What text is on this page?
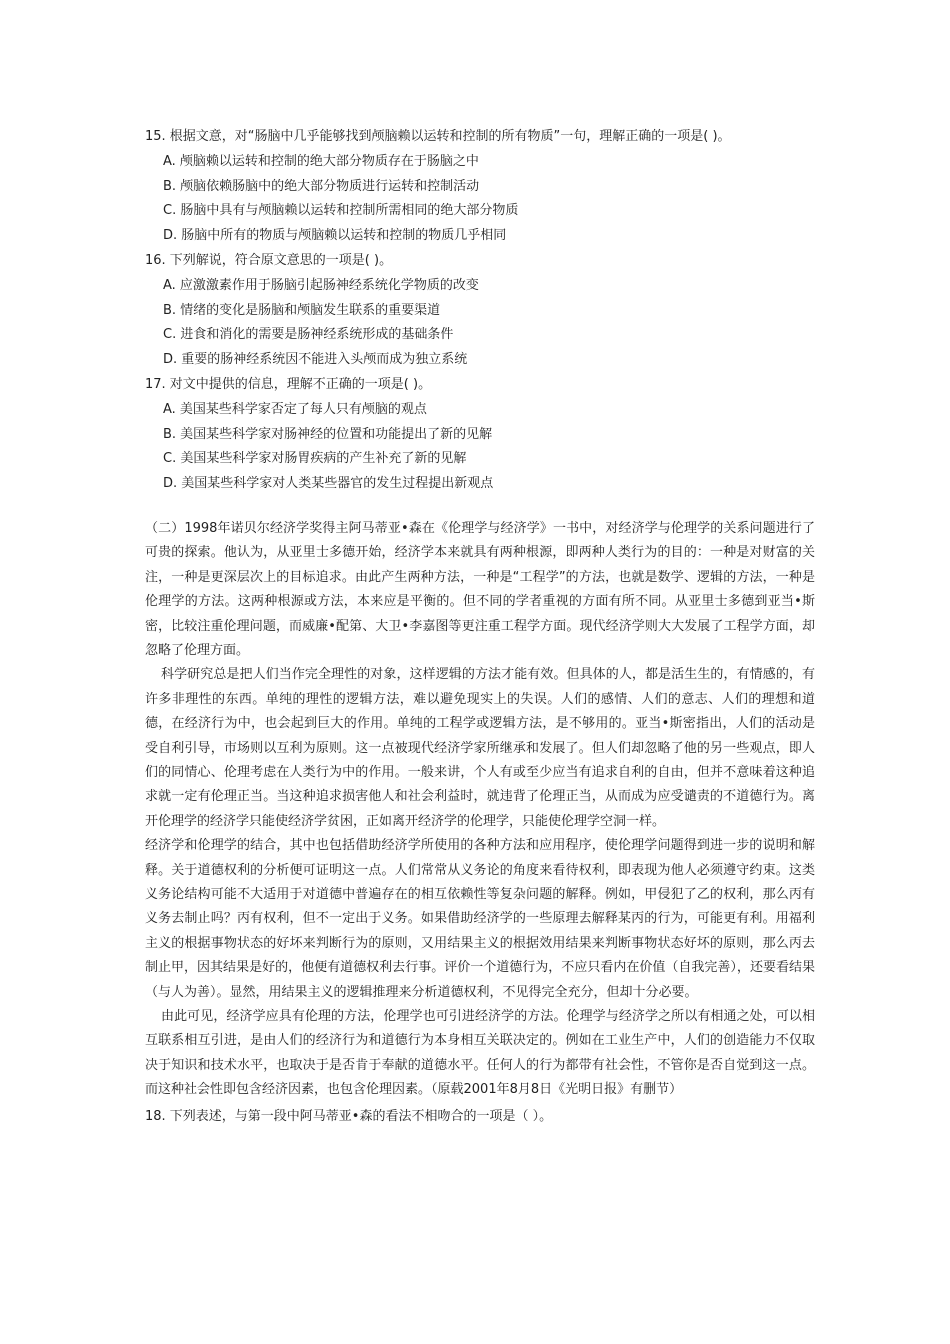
15. 根据文意，对“肠脑中几乎能够找到颅脑赖以运转和控制的所有物质”一句，理解正确的一项是( )。
A. 颅脑赖以运转和控制的绝大部分物质存在于肠脑之中
B. 颅脑依赖肠脑中的绝大部分物质进行运转和控制活动
C. 肠脑中具有与颅脑赖以运转和控制所需相同的绝大部分物质
D. 肠脑中所有的物质与颅脑赖以运转和控制的物质几乎相同
16. 下列解说，符合原文意思的一项是( )。
A. 应激激素作用于肠脑引起肠神经系统化学物质的改变
B. 情绪的变化是肠脑和颅脑发生联系的重要渠道
C. 进食和消化的需要是肠神经系统形成的基础条件
D. 重要的肠神经系统因不能进入头颅而成为独立系统
17. 对文中提供的信息，理解不正确的一项是( )。
A. 美国某些科学家否定了每人只有颅脑的观点
B. 美国某些科学家对肠神经的位置和功能提出了新的见解
C. 美国某些科学家对肠胃疾病的产生补充了新的见解
D. 美国某些科学家对人类某些器官的发生过程提出新观点

（二）1998年诺贝尔经济学奖得主阿马蒂亚•森在《伦理学与经济学》一书中，对经济学与伦理学的关系问题进行了可贵的探索。他认为，从亚里士多德开始，经济学本来就具有两种根源，即两种人类行为的目的：一种是对财富的关注，一种是更深层次上的目标追求。由此产生两种方法，一种是“工程学”的方法，也就是数学、逻辑的方法，一种是伦理学的方法。这两种根源或方法，本来应是平衡的。但不同的学者重视的方面有所不同。从亚里士多德到亚当•斯密，比较注重伦理问题，而威廉•配第、大卫•李嘉图等更注重工程学方面。现代经济学则大大发展了工程学方面，却忽略了伦理方面。

科学研究总是把人们当作完全理性的对象，这样逻辑的方法才能有效。但具体的人，都是活生生的，有情感的，有许多非理性的东西。单纯的理性的逻辑方法，难以避免现实上的失误。人们的感情、人们的意志、人们的理想和道德，在经济行为中，也会起到巨大的作用。单纯的工程学或逻辑方法，是不够用的。亚当•斯密指出，人们的活动是受自利引导，市场则以互利为原则。这一点被现代经济学家所继承和发展了。但人们却忽略了他的另一些观点，即人们的同情心、伦理考虑在人类行为中的作用。一般来讲，个人有或至少应当有追求自利的自由，但并不意味着这种追求就一定有伦理正当。当这种追求损害他人和社会利益时，就违背了伦理正当，从而成为应受谴责的不道德行为。离开伦理学的经济学只能使经济学贫困，正如离开经济学的伦理学，只能使伦理学空洞一样。

经济学和伦理学的结合，其中也包括借助经济学所使用的各种方法和应用程序，使伦理学问题得到进一步的说明和解释。关于道德权利的分析便可证明这一点。人们常常从义务论的角度来看待权利，即表现为他人必须遵守约束。这类义务论结构可能不大适用于对道德中普遍存在的相互依赖性等复杂问题的解释。例如，甲侵犯了乙的权利，那么丙有义务去制止吗？丙有权利，但不一定出于义务。如果借助经济学的一些原理去解释某丙的行为，可能更有利。用福利主义的根据事物状态的好坏来判断行为的原则，又用结果主义的根据效用结果来判断事物状态好坏的原则，那么丙去制止甲，因其结果是好的，他便有道德权利去行事。评价一个道德行为，不应只看内在价值（自我完善），还要看结果（与人为善）。显然，用结果主义的逻辑推理来分析道德权利，不见得完全充分，但却十分必要。

由此可见，经济学应具有伦理的方法，伦理学也可引进经济学的方法。伦理学与经济学之所以有相通之处，可以相互联系相互引进，是由人们的经济行为和道德行为本身相互关联决定的。例如在工业生产中，人们的创造能力不仅取决于知识和技术水平，也取决于是否肯于奉献的道德水平。任何人的行为都带有社会性，不管你是否自觉到这一点。而这种社会性即包含经济因素，也包含伦理因素。（原载2001年8月8日《光明日报》有删节）

18. 下列表述，与第一段中阿马蒂亚•森的看法不相吻合的一项是（ ）。
